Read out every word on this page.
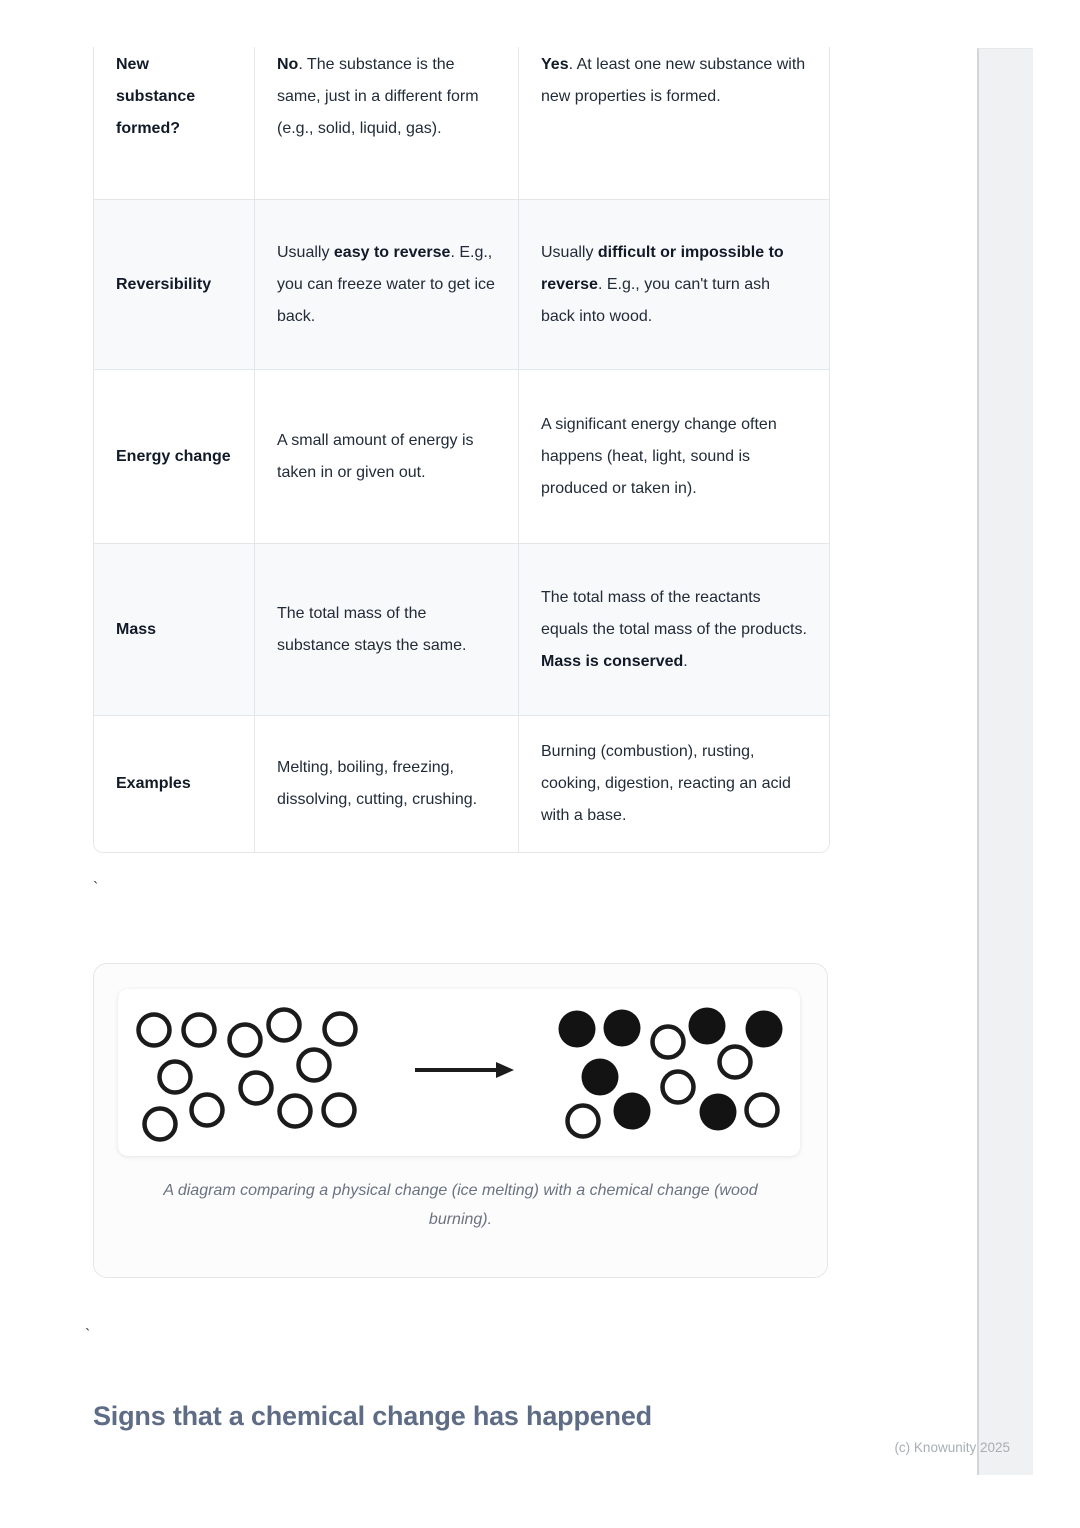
New substance formed?
No. The substance is the same, just in a different form (e.g., solid, liquid, gas).
Yes. At least one new substance with new properties is formed.
Reversibility
Usually easy to reverse. E.g., you can freeze water to get ice back.
Usually difficult or impossible to reverse. E.g., you can't turn ash back into wood.
Energy change
A small amount of energy is taken in or given out.
A significant energy change often happens (heat, light, sound is produced or taken in).
Mass
The total mass of the substance stays the same.
The total mass of the reactants equals the total mass of the products. Mass is conserved.
Examples
Melting, boiling, freezing, dissolving, cutting, crushing.
Burning (combustion), rusting, cooking, digestion, reacting an acid with a base.
`
`
A diagram comparing a physical change (ice melting) with a chemical change (wood burning).
Signs that a chemical change has happened
(c) Knowunity 2025
